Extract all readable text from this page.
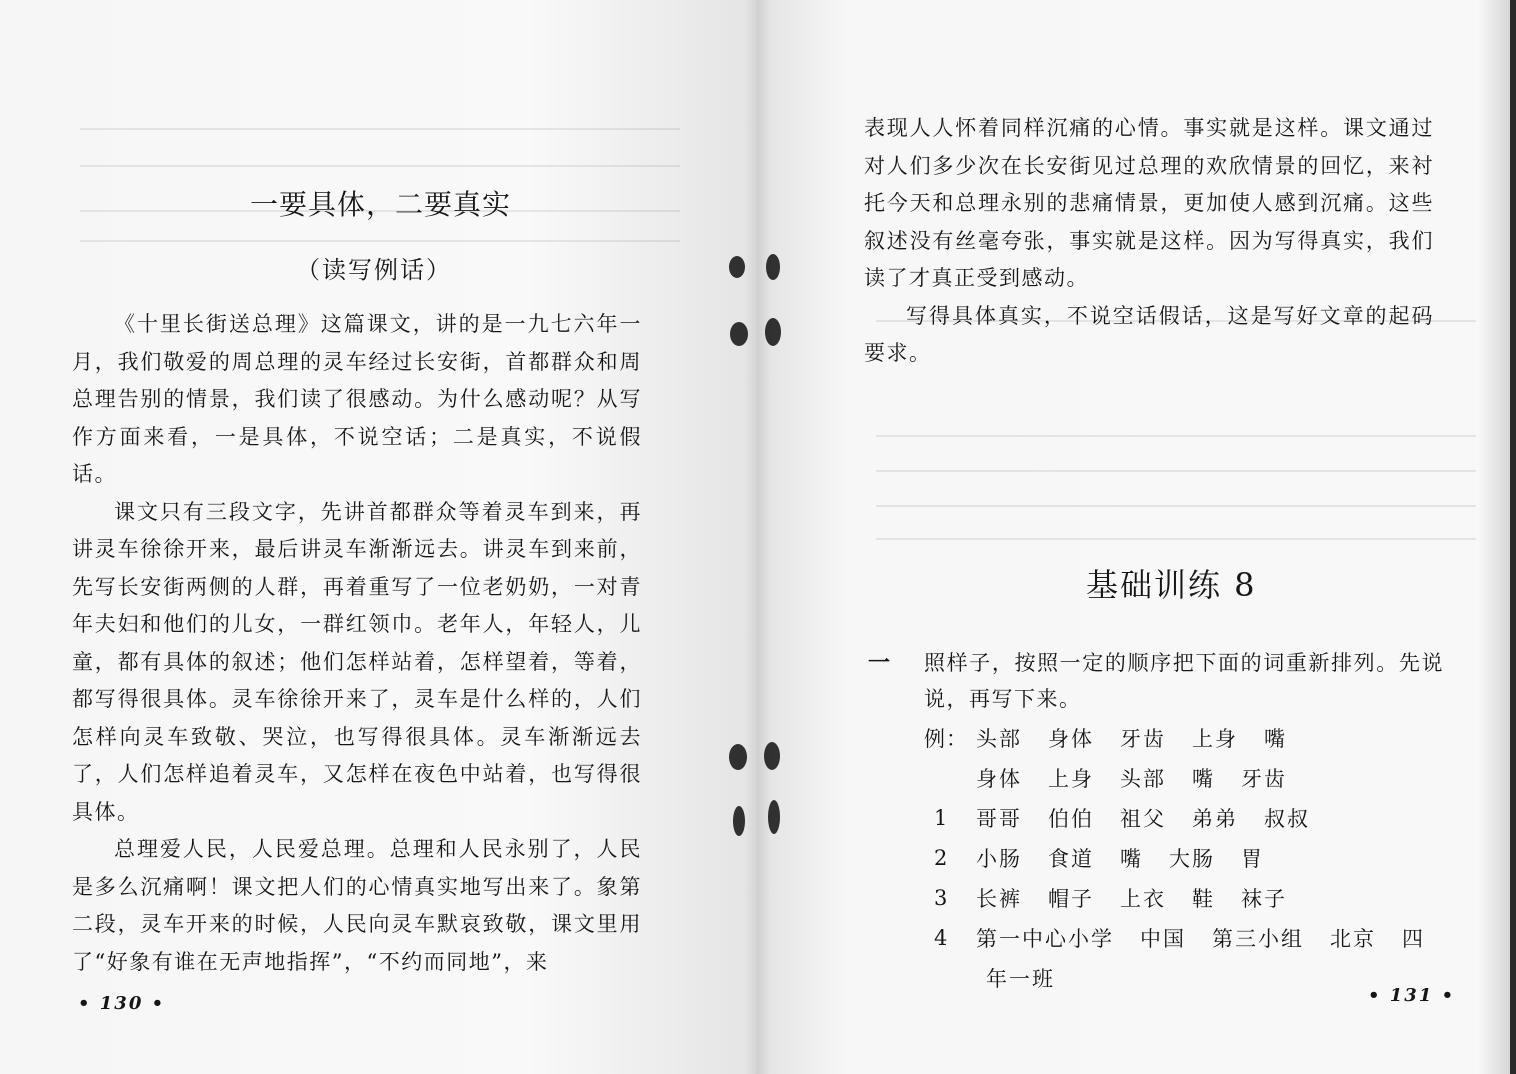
一要具体，二要真实
（读写例话）

《十里长街送总理》这篇课文，讲的是一九七六年一月，我们敬爱的周总理的灵车经过长安街，首都群众和周总理告别的情景，我们读了很感动。为什么感动呢？从写作方面来看，一是具体，不说空话；二是真实，不说假话。

课文只有三段文字，先讲首都群众等着灵车到来，再讲灵车徐徐开来，最后讲灵车渐渐远去。讲灵车到来前，先写长安街两侧的人群，再着重写了一位老奶奶，一对青年夫妇和他们的儿女，一群红领巾。老年人，年轻人，儿童，都有具体的叙述；他们怎样站着，怎样望着，等着，都写得很具体。灵车徐徐开来了，灵车是什么样的，人们怎样向灵车致敬、哭泣，也写得很具体。灵车渐渐远去了，人们怎样追着灵车，又怎样在夜色中站着，也写得很具体。

总理爱人民，人民爱总理。总理和人民永别了，人民是多么沉痛啊！课文把人们的心情真实地写出来了。象第二段，灵车开来的时候，人民向灵车默哀致敬，课文里用了“好象有谁在无声地指挥”，“不约而同地”，来

• 130 •

表现人人怀着同样沉痛的心情。事实就是这样。课文通过对人们多少次在长安街见过总理的欢欣情景的回忆，来衬托今天和总理永别的悲痛情景，更加使人感到沉痛。这些叙述没有丝毫夸张，事实就是这样。因为写得真实，我们读了才真正受到感动。

写得具体真实，不说空话假话，这是写好文章的起码要求。

基础训练 8
一	照样子，按照一定的顺序把下面的词重新排列。先说说，再写下来。
例： 头部 身体 牙齿 上身 嘴
身体 上身 头部 嘴 牙齿
1	哥哥 伯伯 祖父 弟弟 叔叔
2	小肠 食道 嘴 大肠 胃
3	长裤 帽子 上衣 鞋 袜子
4	第一中心小学 中国 第三小组 北京 四
年一班
• 131 •
